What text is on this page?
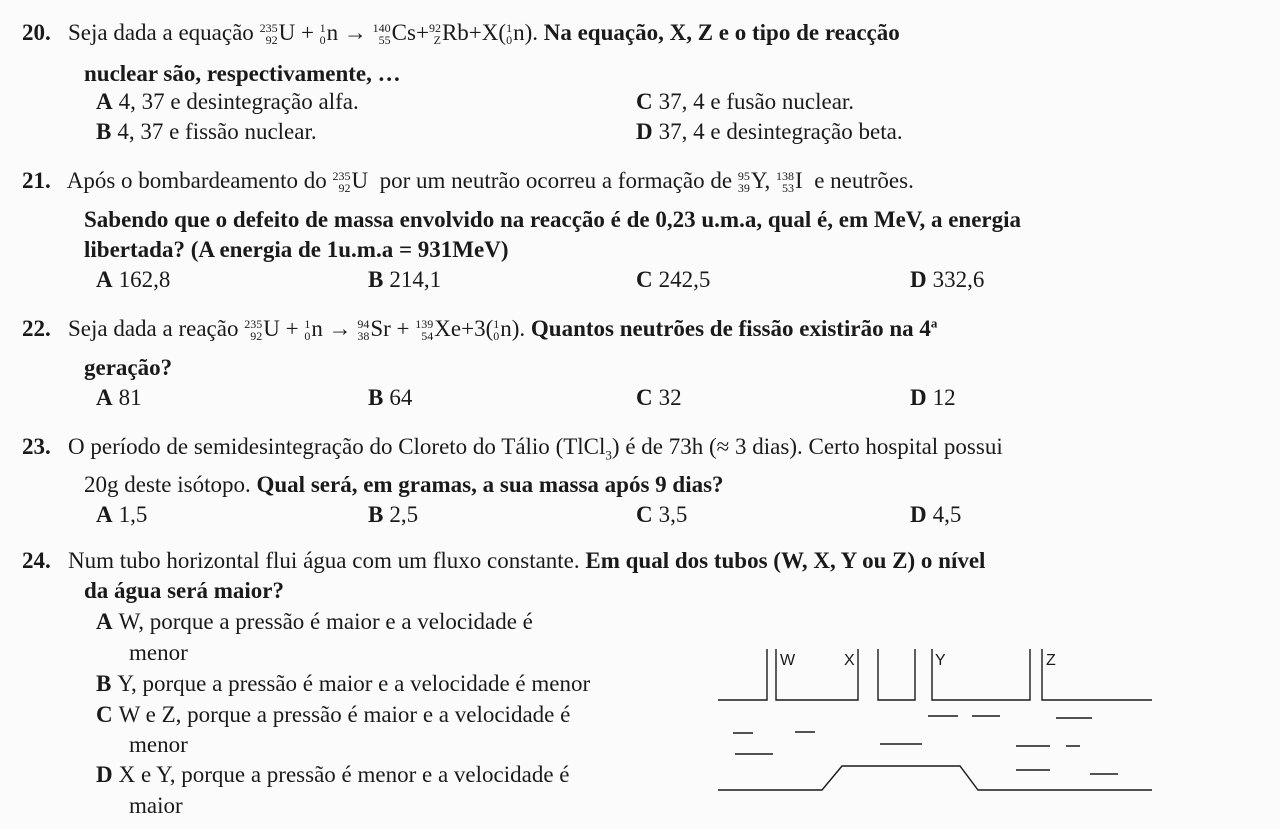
20. Seja dada a equação 235
92 U + 1
0 n → 140
55 Cs+ 92
Z Rb+X( 1
0 n). Na equação, X, Z e o tipo de reacção
nuclear são, respectivamente, …
A 4, 37 e desintegração alfa.	C 37, 4 e fusão nuclear.
B 4, 37 e fissão nuclear.	D 37, 4 e desintegração beta.
21. Após o bombardeamento do 235
92 U por um neutrão ocorreu a formação de 95
39 Y, 138
53 I e neutrões.
Sabendo que o defeito de massa envolvido na reacção é de 0,23 u.m.a, qual é, em MeV, a energia
libertada? (A energia de 1u.m.a = 931MeV)
A 162,8	B 214,1	C 242,5	D 332,6
22. Seja dada a reação 235
92 U + 1
0 n → 94
38 Sr + 139
54 Xe+3( 1
0 n). Quantos neutrões de fissão existirão na 4$^a$
geração?
A 81	B 64	C 32	D 12
23. O período de semidesintegração do Cloreto do Tálio (TlCl$_3$) é de 73h (≈ 3 dias). Certo hospital possui
20g deste isótopo. Qual será, em gramas, a sua massa após 9 dias?
A 1,5	B 2,5	C 3,5	D 4,5
24. Num tubo horizontal flui água com um fluxo constante. Em qual dos tubos (W, X, Y ou Z) o nível
da água será maior?
A W, porque a pressão é maior e a velocidade é
menor
B Y, porque a pressão é maior e a velocidade é menor
C W e Z, porque a pressão é maior e a velocidade é
menor
D X e Y, porque a pressão é menor e a velocidade é
maior
W	X	Y	Z
